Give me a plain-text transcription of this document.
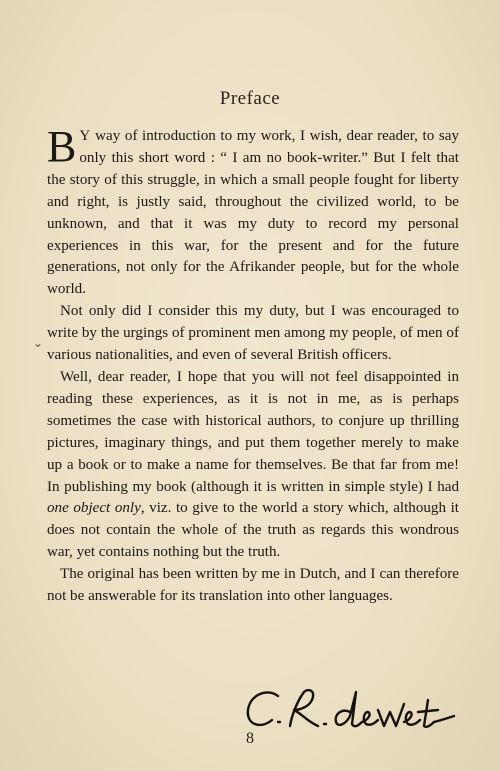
Preface

B Y way of introduction to my work, I wish, dear reader, to say only this short word : “ I am no book-writer.” But I felt that the story of this struggle, in which a small people fought for liberty and right, is justly said, throughout the civilized world, to be unknown, and that it was my duty to record my personal experiences in this war, for the present and for the future generations, not only for the Afrikander people, but for the whole world.

Not only did I consider this my duty, but I was encouraged to write by the urgings of prominent men among my people, of men of various nationalities, and even of several British officers.

Well, dear reader, I hope that you will not feel disappointed in reading these experiences, as it is not in me, as is perhaps sometimes the case with historical authors, to conjure up thrilling pictures, imaginary things, and put them together merely to make up a book or to make a name for themselves. Be that far from me! In publishing my book (although it is written in simple style) I had one object only, viz. to give to the world a story which, although it does not contain the whole of the truth as regards this wondrous war, yet contains nothing but the truth.

The original has been written by me in Dutch, and I can therefore not be answerable for its translation into other languages.

⌄
8
